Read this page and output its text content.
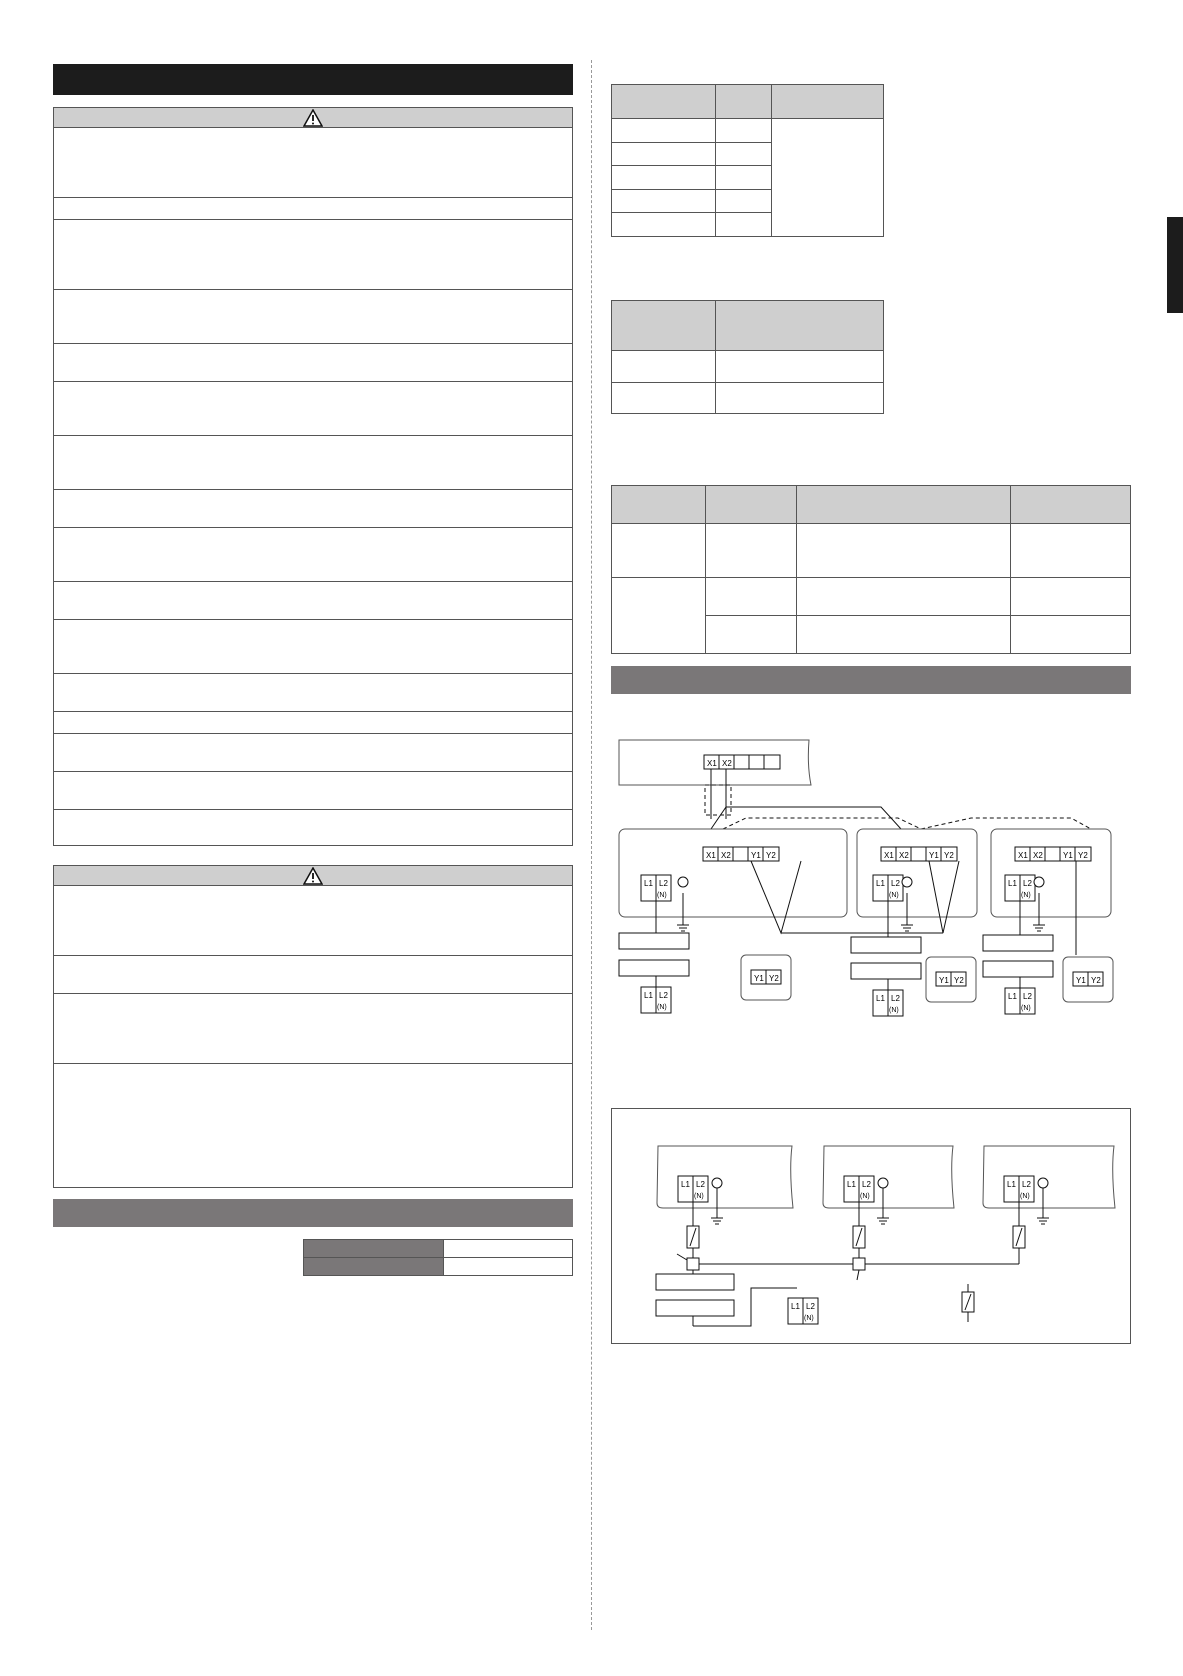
X1 X2
X1 X2	Y1 Y2
L1 L2
(N)
L1 L2
(N)
Y1 Y2
X1 X2	Y1 Y2
L1 L2
(N)
L1 L2
(N)
Y1 Y2
X1 X2	Y1 Y2
L1 L2
(N)
L1 L2
(N)
Y1 Y2
L1 L2
(N)
L1 L2
(N)
L1 L2
(N)
L1 L2
(N)
